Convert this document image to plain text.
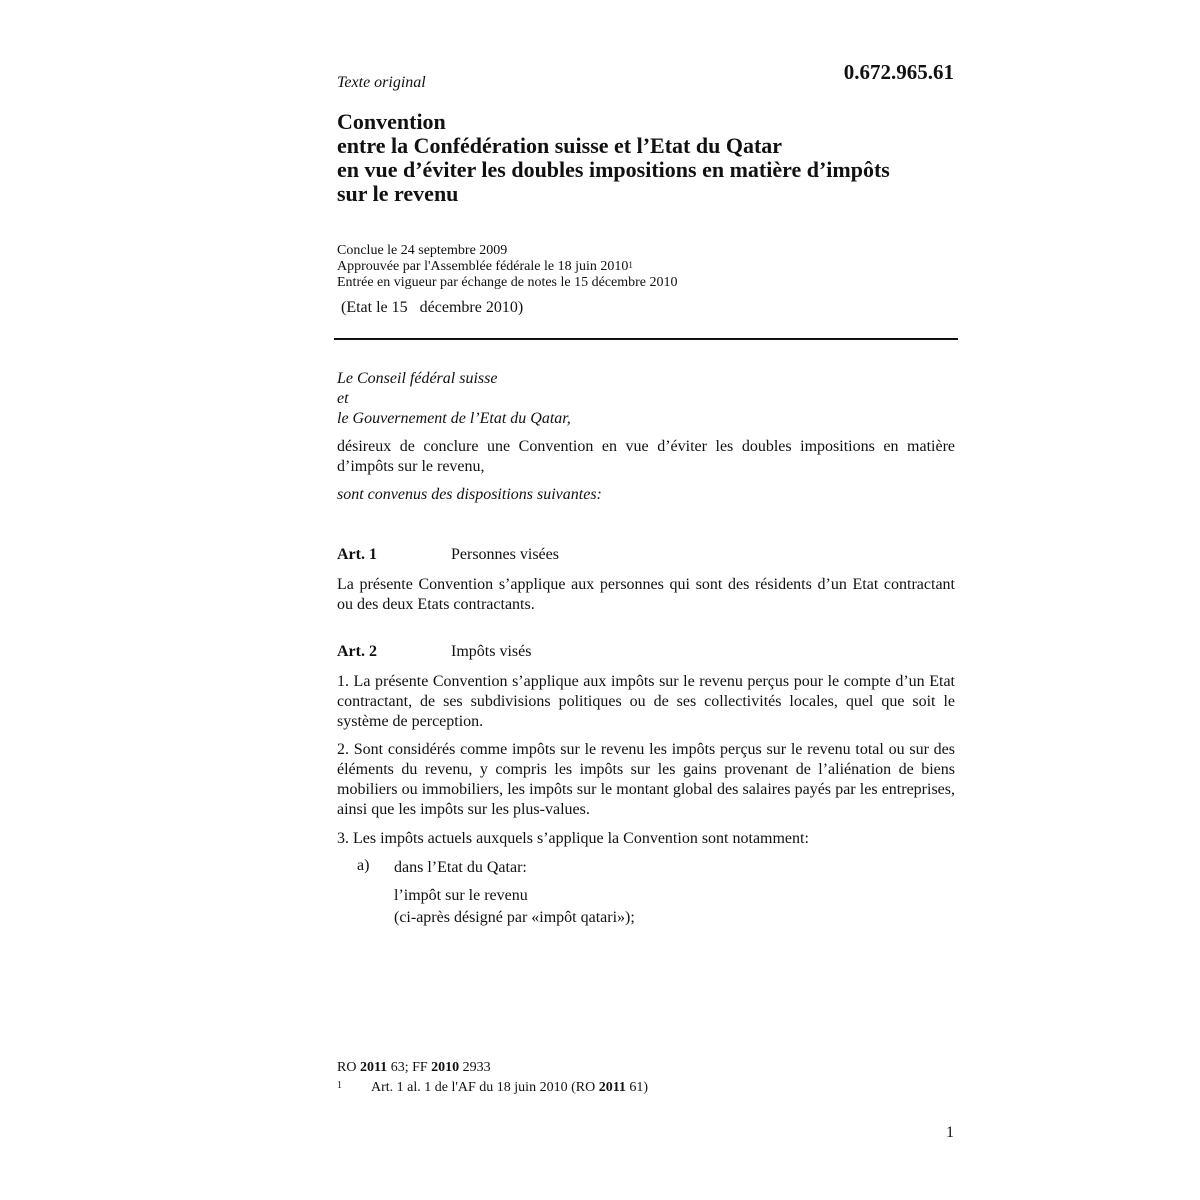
0.672.965.61
Texte original
Convention
entre la Confédération suisse et l’Etat du Qatar
en vue d’éviter les doubles impositions en matière d’impôts
sur le revenu
Conclue le 24 septembre 2009
Approuvée par l'Assemblée fédérale le 18 juin 2010$^1$
Entrée en vigueur par échange de notes le 15 décembre 2010
(Etat le 15   décembre 2010)
Le Conseil fédéral suisse
et
le Gouvernement de l’Etat du Qatar,
désireux de conclure une Convention en vue d’éviter les doubles impositions en matière d’impôts sur le revenu,
sont convenus des dispositions suivantes:
Art. 1	Personnes visées
La présente Convention s’applique aux personnes qui sont des résidents d’un Etat contractant ou des deux Etats contractants.
Art. 2	Impôts visés
1. La présente Convention s’applique aux impôts sur le revenu perçus pour le compte d’un Etat contractant, de ses subdivisions politiques ou de ses collectivités locales, quel que soit le système de perception.
2. Sont considérés comme impôts sur le revenu les impôts perçus sur le revenu total ou sur des éléments du revenu, y compris les impôts sur les gains provenant de l’aliénation de biens mobiliers ou immobiliers, les impôts sur le montant global des salaires payés par les entreprises, ainsi que les impôts sur les plus-values.
3. Les impôts actuels auxquels s’applique la Convention sont notamment:
a) dans l’Etat du Qatar:
l’impôt sur le revenu
(ci-après désigné par «impôt qatari»);
RO 2011 63; FF 2010 2933
1 Art. 1 al. 1 de l'AF du 18 juin 2010 (RO 2011 61)
1
